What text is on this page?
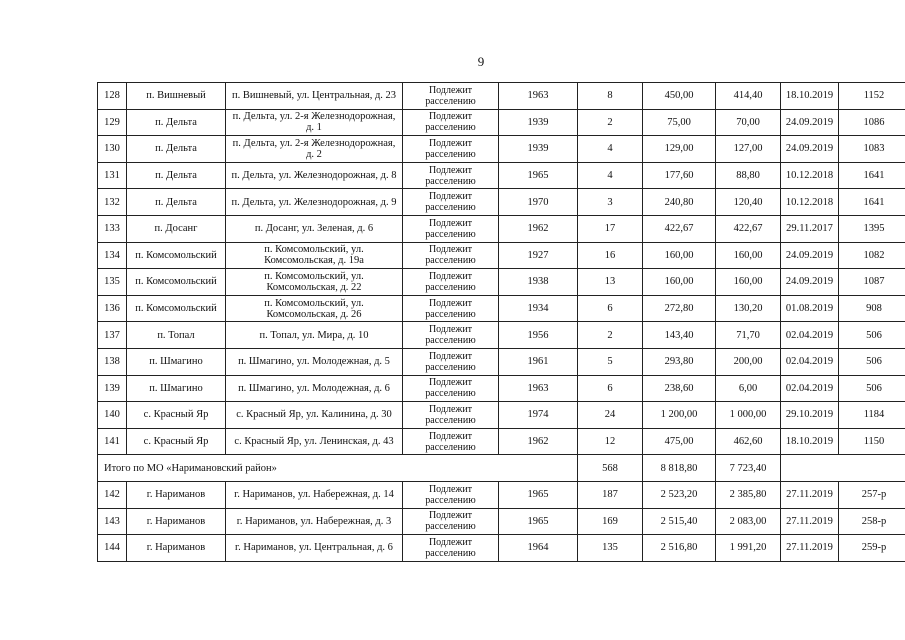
9
128	п. Вишневый	п. Вишневый, ул. Центральная, д. 23	Подлежит расселению	1963	8	450,00	414,40	18.10.2019	1152
129	п. Дельта	п. Дельта, ул. 2-я Железнодорожная, д. 1	Подлежит расселению	1939	2	75,00	70,00	24.09.2019	1086
130	п. Дельта	п. Дельта, ул. 2-я Железнодорожная, д. 2	Подлежит расселению	1939	4	129,00	127,00	24.09.2019	1083
131	п. Дельта	п. Дельта, ул. Железнодорожная, д. 8	Подлежит расселению	1965	4	177,60	88,80	10.12.2018	1641
132	п. Дельта	п. Дельта, ул. Железнодорожная, д. 9	Подлежит расселению	1970	3	240,80	120,40	10.12.2018	1641
133	п. Досанг	п. Досанг, ул. Зеленая, д. 6	Подлежит расселению	1962	17	422,67	422,67	29.11.2017	1395
134	п. Комсомольский	п. Комсомольский, ул. Комсомольская, д. 19а	Подлежит расселению	1927	16	160,00	160,00	24.09.2019	1082
135	п. Комсомольский	п. Комсомольский, ул. Комсомольская, д. 22	Подлежит расселению	1938	13	160,00	160,00	24.09.2019	1087
136	п. Комсомольский	п. Комсомольский, ул. Комсомольская, д. 26	Подлежит расселению	1934	6	272,80	130,20	01.08.2019	908
137	п. Топал	п. Топал, ул. Мира, д. 10	Подлежит расселению	1956	2	143,40	71,70	02.04.2019	506
138	п. Шмагино	п. Шмагино, ул. Молодежная, д. 5	Подлежит расселению	1961	5	293,80	200,00	02.04.2019	506
139	п. Шмагино	п. Шмагино, ул. Молодежная, д. 6	Подлежит расселению	1963	6	238,60	6,00	02.04.2019	506
140	с. Красный Яр	с. Красный Яр, ул. Калинина, д. 30	Подлежит расселению	1974	24	1 200,00	1 000,00	29.10.2019	1184
141	с. Красный Яр	с. Красный Яр, ул. Ленинская, д. 43	Подлежит расселению	1962	12	475,00	462,60	18.10.2019	1150
Итого по МО «Наримановский район»					568	8 818,80	7 723,40		
142	г. Нариманов	г. Нариманов, ул. Набережная, д. 14	Подлежит расселению	1965	187	2 523,20	2 385,80	27.11.2019	257-р
143	г. Нариманов	г. Нариманов, ул. Набережная, д. 3	Подлежит расселению	1965	169	2 515,40	2 083,00	27.11.2019	258-р
144	г. Нариманов	г. Нариманов, ул. Центральная, д. 6	Подлежит расселению	1964	135	2 516,80	1 991,20	27.11.2019	259-р
